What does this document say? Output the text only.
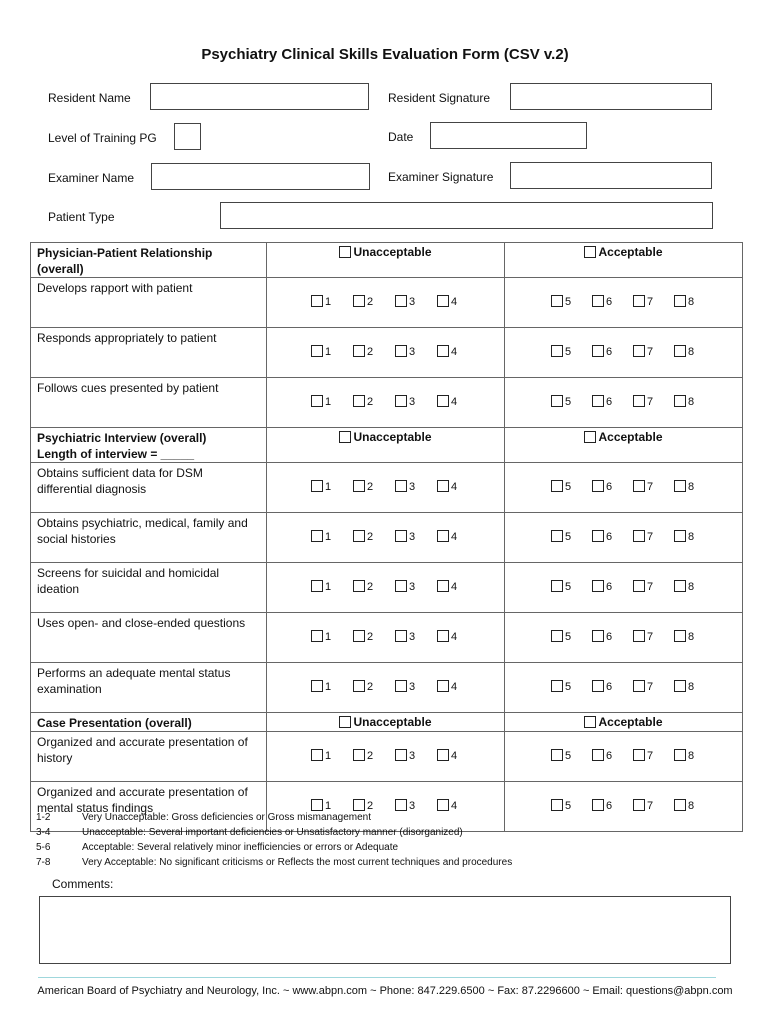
Psychiatry Clinical Skills Evaluation Form (CSV v.2)
Resident Name	Resident Signature
Level of Training PG	Date
Examiner Name	Examiner Signature
Patient Type
Physician-Patient Relationship (overall)	Unacceptable	Acceptable
Develops rapport with patient	1 2 3 4	5 6 7 8

Responds appropriately to patient	1 2 3 4	5 6 7 8

Follows cues presented by patient	1 2 3 4	5 6 7 8

Psychiatric Interview (overall)
Length of interview = _____	Unacceptable	Acceptable
Obtains sufficient data for DSM differential diagnosis	1 2 3 4	5 6 7 8

Obtains psychiatric, medical, family and social histories	1 2 3 4	5 6 7 8

Screens for suicidal and homicidal ideation	1 2 3 4	5 6 7 8

Uses open- and close-ended questions	1 2 3 4	5 6 7 8

Performs an adequate mental status examination	1 2 3 4	5 6 7 8

Case Presentation (overall)	Unacceptable	Acceptable
Organized and accurate presentation of history	1 2 3 4	5 6 7 8

Organized and accurate presentation of mental status findings	1 2 3 4	5 6 7 8
1-2	Very Unacceptable: Gross deficiencies or Gross mismanagement
3-4	Unacceptable: Several important deficiencies or Unsatisfactory manner (disorganized)
5-6	Acceptable: Several relatively minor inefficiencies or errors or Adequate
7-8	Very Acceptable: No significant criticisms or Reflects the most current techniques and procedures
Comments:
American Board of Psychiatry and Neurology, Inc. ~ www.abpn.com ~ Phone: 847.229.6500 ~ Fax: 87.2296600 ~ Email: questions@abpn.com
